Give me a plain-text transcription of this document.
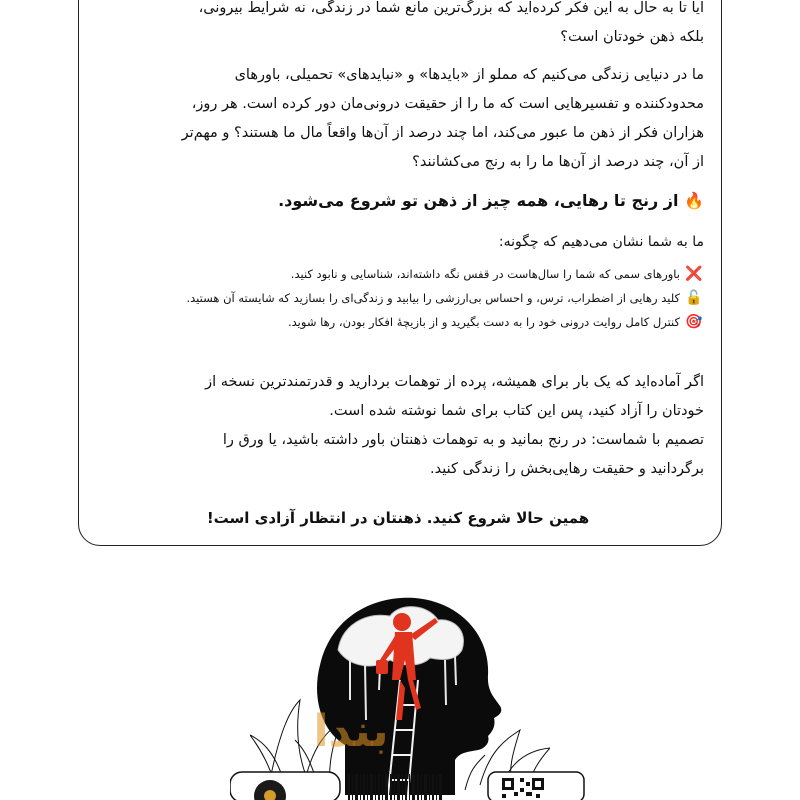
آیا تا به حال به این فکر کرده‌اید که بزرگ‌ترین مانع شما در زندگی، نه شرایط بیرونی،
بلکه ذهن خودتان است؟
ما در دنیایی زندگی می‌کنیم که مملو از «بایدها» و «نبایدهای» تحمیلی، باورهای
محدودکننده و تفسیرهایی است که ما را از حقیقت درونی‌مان دور کرده است. هر روز،
هزاران فکر از ذهن ما عبور می‌کند، اما چند درصد از آن‌ها واقعاً مال ما هستند؟ و مهم‌تر
از آن، چند درصد از آن‌ها ما را به رنج می‌کشانند؟
🔥 از رنج تا رهایی، همه چیز از ذهن تو شروع می‌شود.
ما به شما نشان می‌دهیم که چگونه:
❌باورهای سمی که شما را سال‌هاست در قفس نگه داشته‌اند، شناسایی و نابود کنید.
🔓کلید رهایی از اضطراب، ترس، و احساس بی‌ارزشی را بیابید و زندگی‌ای را بسازید که شایسته آن هستید.
🎯کنترل کامل روایت درونی خود را به دست بگیرید و از بازیچهٔ افکار بودن، رها شوید.
اگر آماده‌اید که یک بار برای همیشه، پرده از توهمات بردارید و قدرتمندترین نسخه از
خودتان را آزاد کنید، پس این کتاب برای شما نوشته شده است.
تصمیم با شماست: در رنج بمانید و به توهمات ذهنتان باور داشته باشید، یا ورق را
برگردانید و حقیقت رهایی‌بخش را زندگی کنید.
همین حالا شروع کنید. ذهنتان در انتظار آزادی است!
ﺑﻨﺪﺍ
